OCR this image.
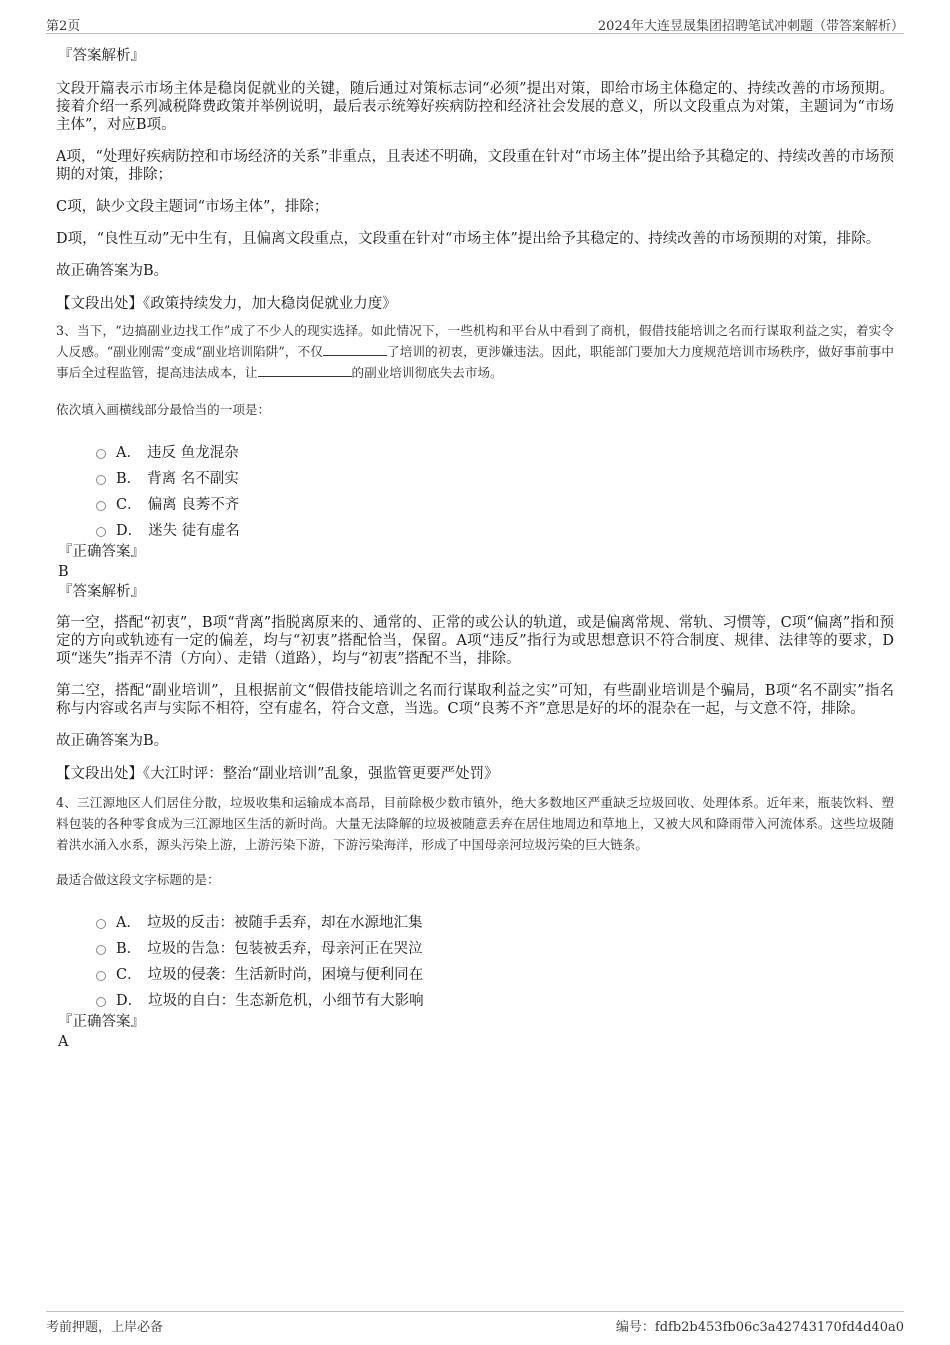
第2页	2024年大连昱晟集团招聘笔试冲刺题（带答案解析）
『答案解析』

文段开篇表示市场主体是稳岗促就业的关键，随后通过对策标志词“必须”提出对策，即给市场主体稳定的、持续改善的市场预期。接着介绍一系列减税降费政策并举例说明，最后表示统筹好疾病防控和经济社会发展的意义，所以文段重点为对策，主题词为“市场主体”，对应B项。

A项，“处理好疾病防控和市场经济的关系”非重点，且表述不明确，文段重在针对“市场主体”提出给予其稳定的、持续改善的市场预期的对策，排除；

C项，缺少文段主题词“市场主体”，排除；

D项，“良性互动”无中生有，且偏离文段重点，文段重在针对“市场主体”提出给予其稳定的、持续改善的市场预期的对策，排除。

故正确答案为B。

【文段出处】《政策持续发力，加大稳岗促就业力度》

3、当下，“边搞副业边找工作”成了不少人的现实选择。如此情况下，一些机构和平台从中看到了商机，假借技能培训之名而行谋取利益之实，着实令人反感。“副业刚需”变成“副业培训陷阱”，不仅	了培训的初衷，更涉嫌违法。因此，职能部门要加大力度规范培训市场秩序，做好事前事中事后全过程监管，提高违法成本，让	的副业培训彻底失去市场。

依次填入画横线部分最恰当的一项是：

A． 违反 鱼龙混杂
B． 背离 名不副实
C． 偏离 良莠不齐
D． 迷失 徒有虚名
『正确答案』
B
『答案解析』

第一空，搭配“初衷”，B项“背离”指脱离原来的、通常的、正常的或公认的轨道，或是偏离常规、常轨、习惯等，C项“偏离”指和预定的方向或轨迹有一定的偏差，均与“初衷”搭配恰当，保留。A项“违反”指行为或思想意识不符合制度、规律、法律等的要求，D项“迷失”指弄不清（方向）、走错（道路），均与“初衷”搭配不当，排除。

第二空，搭配“副业培训”，且根据前文“假借技能培训之名而行谋取利益之实”可知，有些副业培训是个骗局，B项“名不副实”指名称与内容或名声与实际不相符，空有虚名，符合文意，当选。C项“良莠不齐”意思是好的坏的混杂在一起，与文意不符，排除。

故正确答案为B。

【文段出处】《大江时评：整治“副业培训”乱象，强监管更要严处罚》

4、三江源地区人们居住分散，垃圾收集和运输成本高昂，目前除极少数市镇外，绝大多数地区严重缺乏垃圾回收、处理体系。近年来，瓶装饮料、塑料包装的各种零食成为三江源地区生活的新时尚。大量无法降解的垃圾被随意丢弃在居住地周边和草地上，又被大风和降雨带入河流体系。这些垃圾随着洪水涌入水系，源头污染上游，上游污染下游，下游污染海洋，形成了中国母亲河垃圾污染的巨大链条。

最适合做这段文字标题的是：

A． 垃圾的反击：被随手丢弃，却在水源地汇集
B． 垃圾的告急：包装被丢弃，母亲河正在哭泣
C． 垃圾的侵袭：生活新时尚，困境与便利同在
D． 垃圾的自白：生态新危机，小细节有大影响
『正确答案』
A
考前押题，上岸必备	编号：fdfb2b453fb06c3a42743170fd4d40a0
